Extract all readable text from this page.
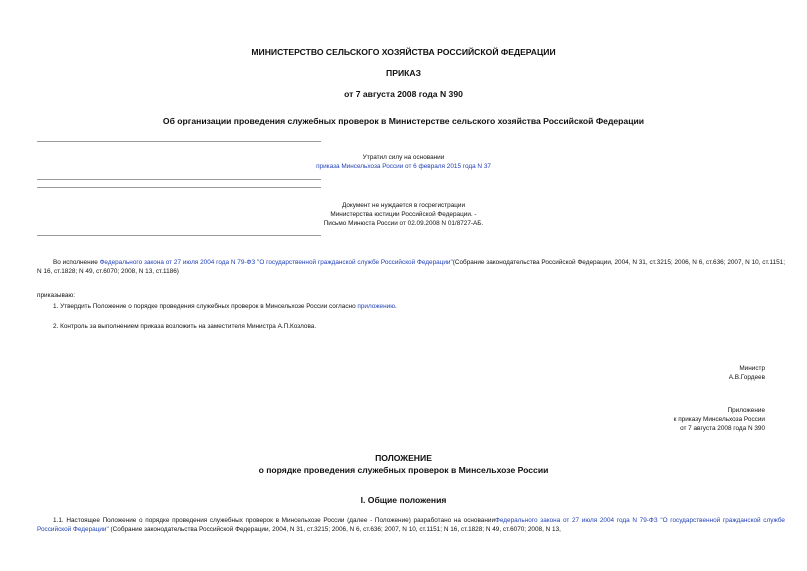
МИНИСТЕРСТВО СЕЛЬСКОГО ХОЗЯЙСТВА РОССИЙСКОЙ ФЕДЕРАЦИИ
ПРИКАЗ
от 7 августа 2008 года N 390
Об организации проведения служебных проверок в Министерстве сельского хозяйства Российской Федерации
Утратил силу на основании
приказа Минсельхоза России от 6 февраля 2015 года N 37
Документ не нуждается в госрегистрации
Министерства юстиции Российской Федерации. -
Письмо Минюста России от 02.09.2008 N 01/8727-АБ.
Во исполнение Федерального закона от 27 июля 2004 года N 79-ФЗ "О государственной гражданской службе Российской Федерации"(Собрание законодательства Российской Федерации, 2004, N 31, ст.3215; 2006, N 6, ст.636; 2007, N 10, ст.1151; N 16, ст.1828; N 49, ст.6070; 2008, N 13, ст.1186)
приказываю:
1. Утвердить Положение о порядке проведения служебных проверок в Минсельхозе России согласно приложению.
2. Контроль за выполнением приказа возложить на заместителя Министра А.П.Козлова.
Министр
А.В.Гордеев
Приложение
к приказу Минсельхоза России
от 7 августа 2008 года N 390
ПОЛОЖЕНИЕ
о порядке проведения служебных проверок в Минсельхозе России
I. Общие положения
1.1. Настоящее Положение о порядке проведения служебных проверок в Минсельхозе России (далее - Положение) разработано на основанииФедерального закона от 27 июля 2004 года N 79-ФЗ "О государственной гражданской службе Российской Федерации" (Собрание законодательства Российской Федерации, 2004, N 31, ст.3215; 2006, N 6, ст.636; 2007, N 10, ст.1151; N 16, ст.1828; N 49, ст.6070; 2008, N 13,
